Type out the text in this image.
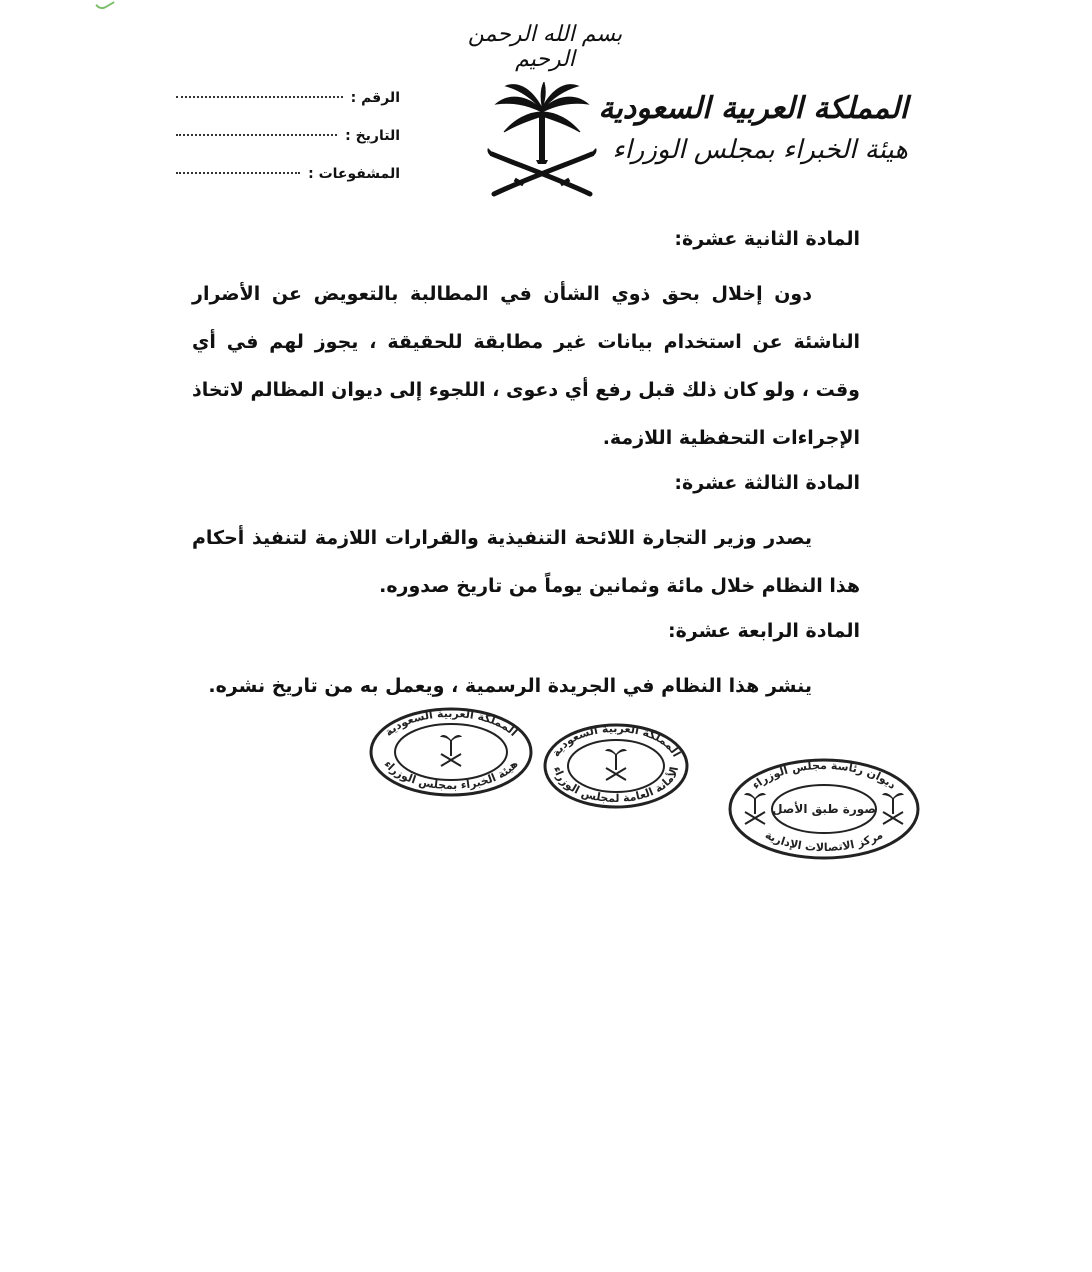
بسم الله الرحمن الرحيم
المملكة العربية السعودية
هيئة الخبراء بمجلس الوزراء
الرقم :
التاريخ :
المشفوعات :
المادة الثانية عشرة:

دون إخلال بحق ذوي الشأن في المطالبة بالتعويض عن الأضرار الناشئة عن استخدام بيانات غير مطابقة للحقيقة ، يجوز لهم في أي وقت ، ولو كان ذلك قبل رفع أي دعوى ، اللجوء إلى ديوان المظالم لاتخاذ الإجراءات التحفظية اللازمة.

المادة الثالثة عشرة:

يصدر وزير التجارة اللائحة التنفيذية والقرارات اللازمة لتنفيذ أحكام هذا النظام خلال مائة وثمانين يوماً من تاريخ صدوره.

المادة الرابعة عشرة:

ينشر هذا النظام في الجريدة الرسمية ، ويعمل به من تاريخ نشره.

المملكة العربية السعودية
هيئة الخبراء بمجلس الوزراء
المملكة العربية السعودية
الأمانة العامة لمجلس الوزراء
ديوان رئاسة مجلس الوزراء
مركز الاتصالات الإدارية
صورة طبق الأصل
